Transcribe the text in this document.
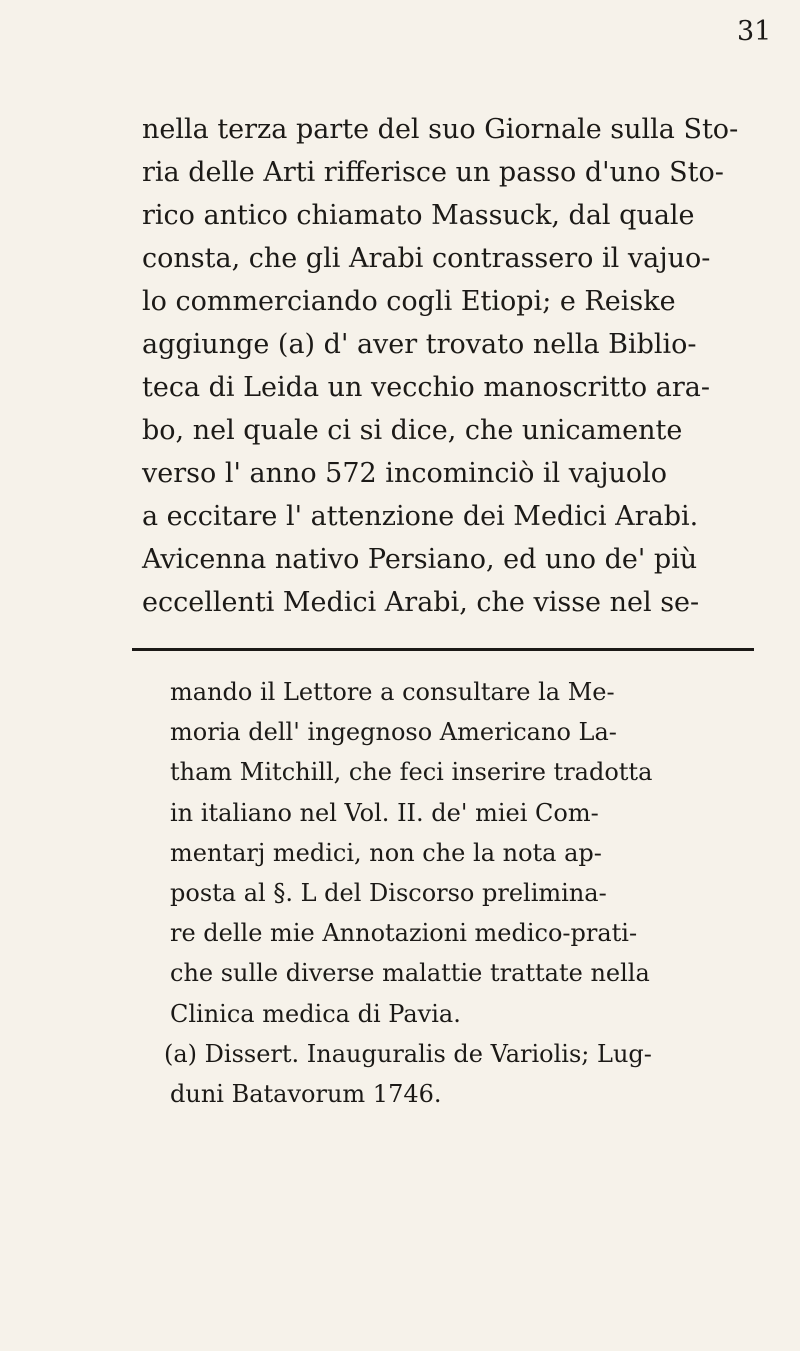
31
nella terza parte del suo Giornale sulla Sto-
ria delle Arti rifferisce un passo d'uno Sto-
rico antico chiamato Massuck, dal quale
consta, che gli Arabi contrassero il vajuo-
lo commerciando cogli Etiopi; e Reiske
aggiunge (a) d' aver trovato nella Biblio-
teca di Leida un vecchio manoscritto ara-
bo, nel quale ci si dice, che unicamente
verso l' anno 572 incominciò il vajuolo
a eccitare l' attenzione dei Medici Arabi.
Avicenna nativo Persiano, ed uno de' più
eccellenti Medici Arabi, che visse nel se-
mando il Lettore a consultare la Me-
moria dell' ingegnoso Americano La-
tham Mitchill, che feci inserire tradotta
in italiano nel Vol. II. de' miei Com-
mentarj medici, non che la nota ap-
posta al §. L del Discorso prelimina-
re delle mie Annotazioni medico-prati-
che sulle diverse malattie trattate nella
Clinica medica di Pavia.
(a) Dissert. Inauguralis de Variolis; Lug-
duni Batavorum 1746.
